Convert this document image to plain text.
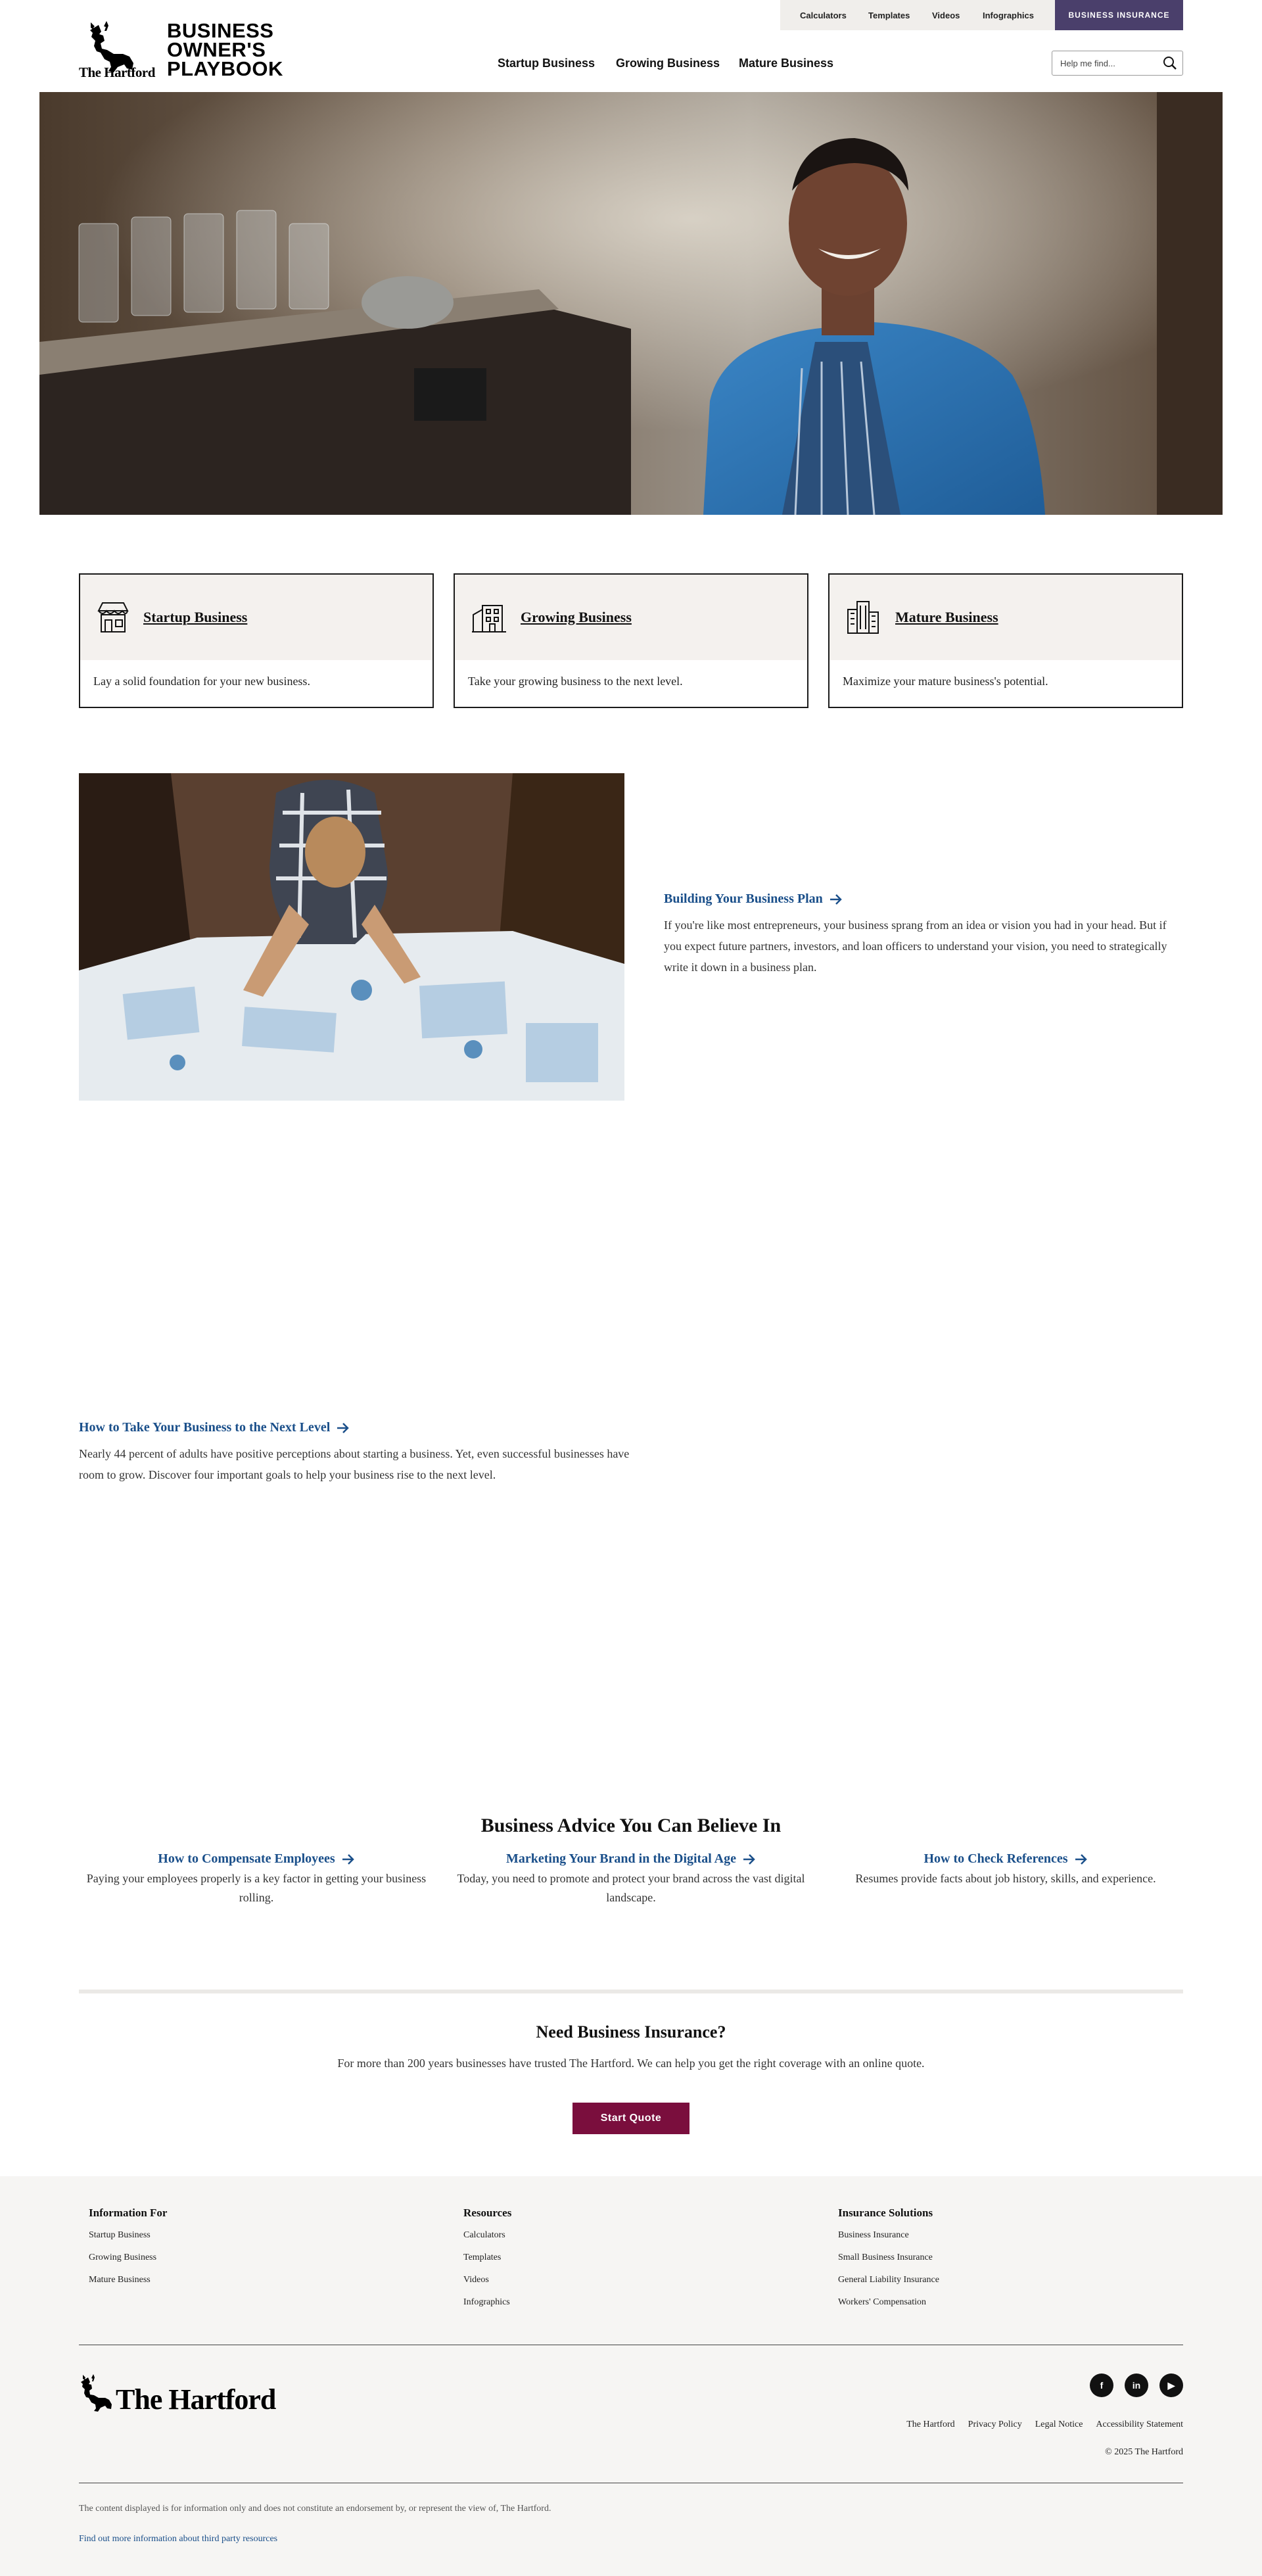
Calculators	Templates	Videos	Infographics	BUSINESS INSURANCE
The Hartford
BUSINESS
OWNER'S
PLAYBOOK	Startup Business Growing Business Mature Business	Help me find...
Startup Business
Lay a solid foundation for your new business.
Growing Business
Take your growing business to the next level.
Mature Business
Maximize your mature business's potential.
Building Your Business Plan

If you're like most entrepreneurs, your business sprang from an idea or vision you had in your head. But if you expect future partners, investors, and loan officers to understand your vision, you need to strategically write it down in a business plan.

How to Take Your Business to the Next Level

Nearly 44 percent of adults have positive perceptions about starting a business. Yet, even successful businesses have room to grow. Discover four important goals to help your business rise to the next level.

Business Advice You Can Believe In
How to Compensate Employees

Paying your employees properly is a key factor in getting your business rolling.

Marketing Your Brand in the Digital Age

Today, you need to promote and protect your brand across the vast digital landscape.

How to Check References

Resumes provide facts about job history, skills, and experience.

Need Business Insurance?
For more than 200 years businesses have trusted The Hartford. We can help you get the right coverage with an online quote.
Start Quote
Information For
Startup Business
Growing Business
Mature Business
Resources
Calculators
Templates
Videos
Infographics
Insurance Solutions
Business Insurance
Small Business Insurance
General Liability Insurance
Workers' Compensation
The Hartford	f	in	▶
The Hartford Privacy Policy Legal Notice Accessibility Statement
© 2025 The Hartford
The content displayed is for information only and does not constitute an endorsement by, or represent the view of, The Hartford.
Find out more information about third party resources
